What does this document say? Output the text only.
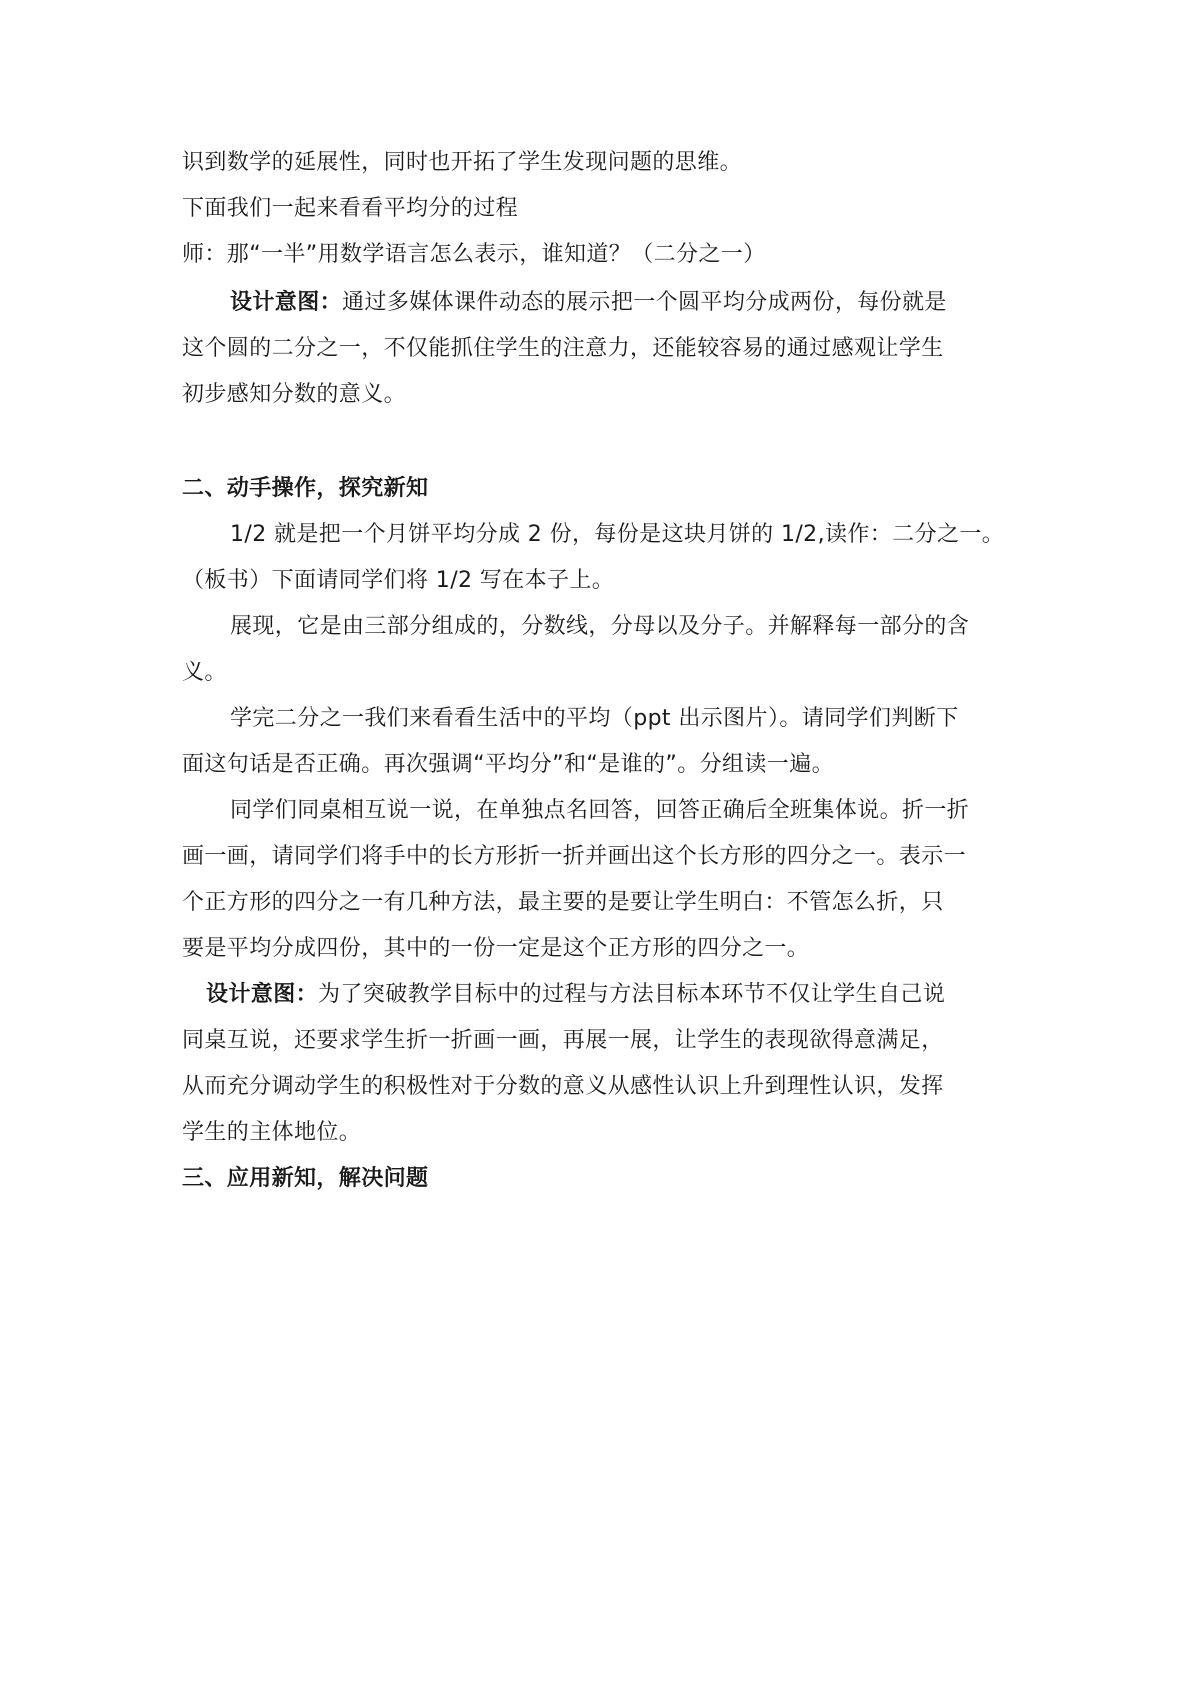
识到数学的延展性，同时也开拓了学生发现问题的思维。
下面我们一起来看看平均分的过程
师：那“一半”用数学语言怎么表示，谁知道？（二分之一）
设计意图：通过多媒体课件动态的展示把一个圆平均分成两份，每份就是
这个圆的二分之一，不仅能抓住学生的注意力，还能较容易的通过感观让学生
初步感知分数的意义。
二、动手操作，探究新知
1/2 就是把一个月饼平均分成 2 份，每份是这块月饼的 1/2,读作：二分之一。
（板书）下面请同学们将 1/2 写在本子上。
展现，它是由三部分组成的，分数线，分母以及分子。并解释每一部分的含
义。
学完二分之一我们来看看生活中的平均（ppt 出示图片）。请同学们判断下
面这句话是否正确。再次强调“平均分”和“是谁的”。分组读一遍。
同学们同桌相互说一说，在单独点名回答，回答正确后全班集体说。折一折
画一画，请同学们将手中的长方形折一折并画出这个长方形的四分之一。表示一
个正方形的四分之一有几种方法，最主要的是要让学生明白：不管怎么折，只
要是平均分成四份，其中的一份一定是这个正方形的四分之一。
设计意图：为了突破教学目标中的过程与方法目标本环节不仅让学生自己说
同桌互说，还要求学生折一折画一画，再展一展，让学生的表现欲得意满足，
从而充分调动学生的积极性对于分数的意义从感性认识上升到理性认识，发挥
学生的主体地位。
三、应用新知，解决问题
